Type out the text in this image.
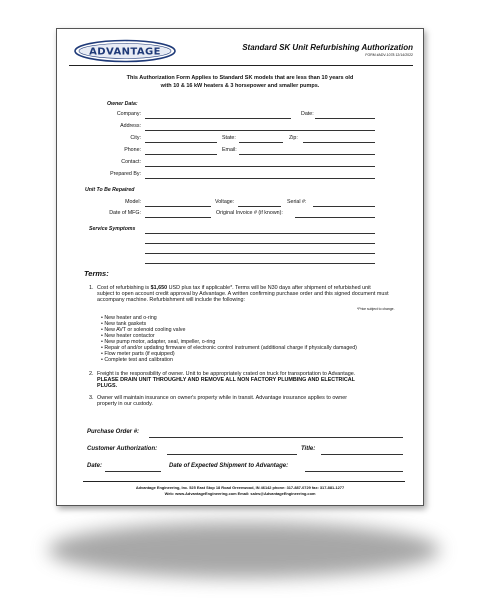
ADVANTAGE	Standard SK Unit Refurbishing Authorization
FORM #ADV-1078 12/14/2022
This Authorization Form Applies to Standard SK models that are less than 10 years old
with 10 & 16 kW heaters & 3 horsepower and smaller pumps.
Owner Data:
Company:	Date:
Address:
City:	State:	Zip:
Phone:	Email:
Contact:
Prepared By:
Unit To Be Repaired
Model:	Voltage:	Serial #:
Date of MFG:	Original Invoice # (if known):
Service Symptoms
Terms:
1. Cost of refurbishing is $1,650 USD plus tax if applicable*. Terms will be N30 days after shipment of refurbished unit subject to open account credit approval by Advantage. A written confirming purchase order and this signed document must accompany machine. Refurbishment will include the following:
*Price subject to change.
• New heater and o-ring
• New tank gaskets
• New AVT or solenoid cooling valve
• New heater contactor
• New pump motor, adapter, seal, impeller, o-ring
• Repair of and/or updating firmware of electronic control instrument (additional charge if physically damaged)
• Flow meter parts (if equipped)
• Complete test and calibration
2. Freight is the responsibility of owner. Unit to be appropriately crated on truck for transportation to Advantage.
PLEASE DRAIN UNIT THROUGHLY AND REMOVE ALL NON FACTORY PLUMBING AND ELECTRICAL
PLUGS.
3. Owner will maintain insurance on owner's property while in transit. Advantage insurance applies to owner
property in our custody.
Purchase Order #:
Customer Authorization:	Title:
Date:	Date of Expected Shipment to Advantage:
Advantage Engineering, Inc. 525 East Stop 18 Road Greenwood, IN 46142 phone: 317-887-0729 fax: 317-881-1277
Web: www.AdvantageEngineering.com Email: sales@AdvantageEngineering.com
